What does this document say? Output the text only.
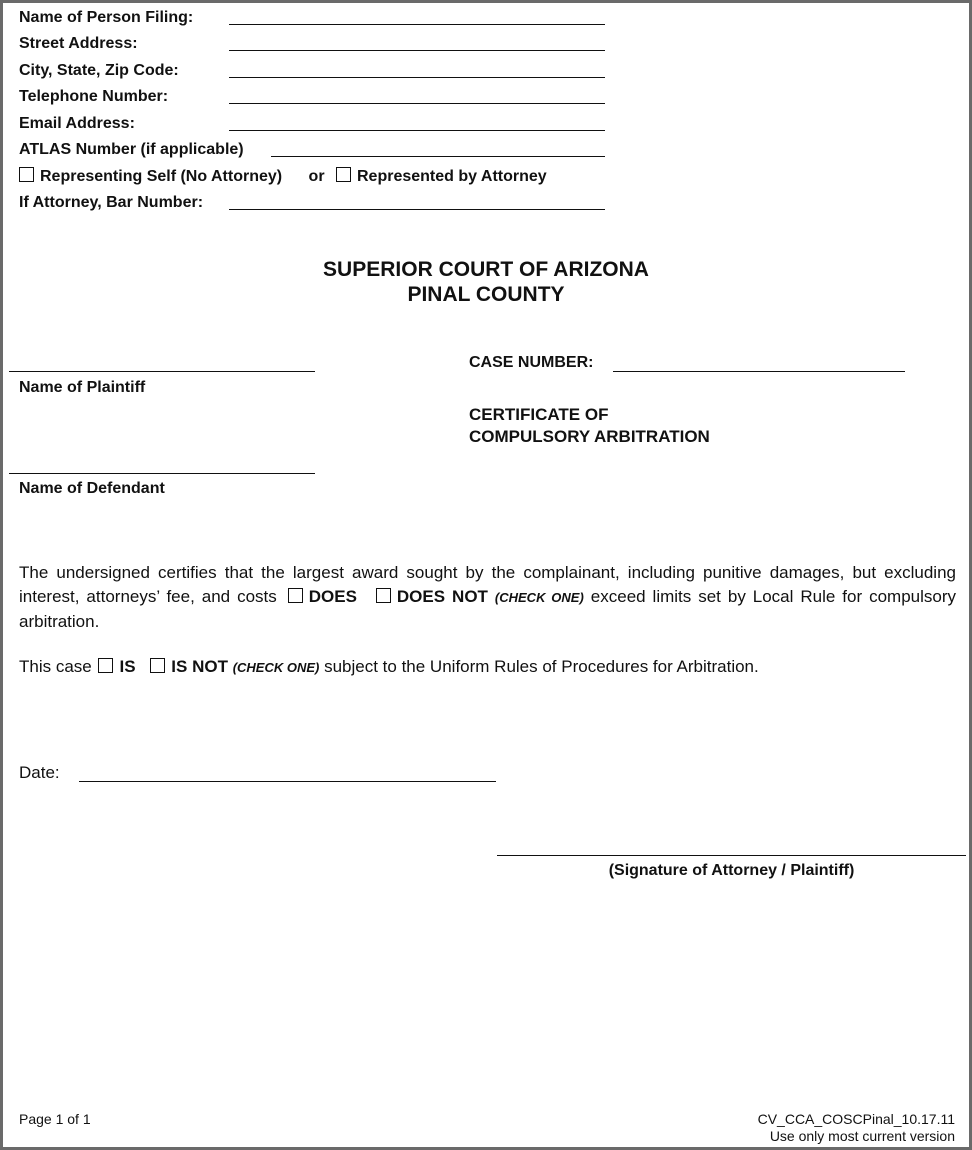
Name of Person Filing:
Street Address:
City, State, Zip Code:
Telephone Number:
Email Address:
ATLAS Number (if applicable)
Representing Self (No Attorney) or Represented by Attorney
If Attorney, Bar Number:
SUPERIOR COURT OF ARIZONA
PINAL COUNTY
Name of Plaintiff
Name of Defendant
CASE NUMBER:
CERTIFICATE OF
COMPULSORY ARBITRATION
The undersigned certifies that the largest award sought by the complainant, including punitive damages, but excluding interest, attorneys’ fee, and costs DOES DOES NOT (CHECK ONE) exceed limits set by Local Rule for compulsory arbitration.
This case IS IS NOT (CHECK ONE) subject to the Uniform Rules of Procedures for Arbitration.
Date:
(Signature of Attorney / Plaintiff)
Page 1 of 1	CV_CCA_COSCPinal_10.17.11
Use only most current version
